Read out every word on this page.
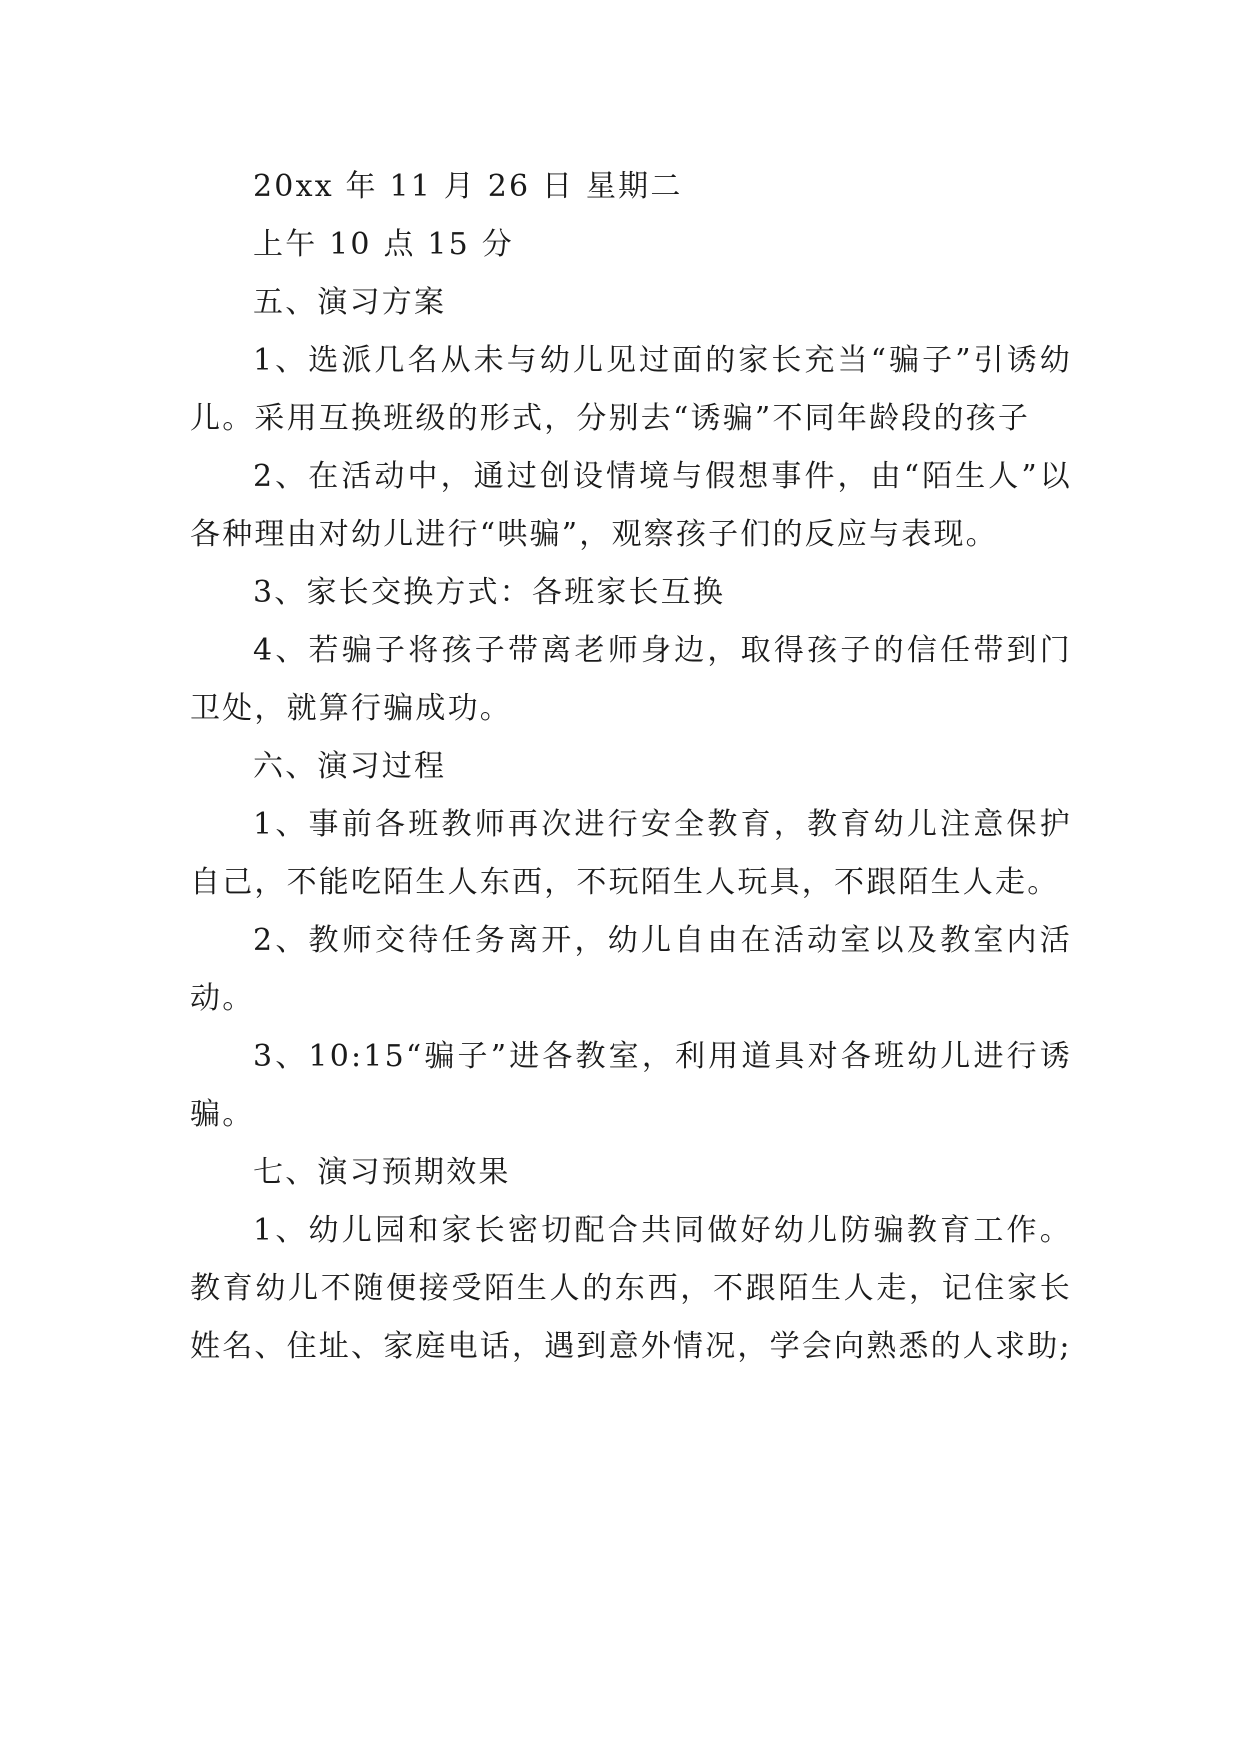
20xx 年 11 月 26 日 星期二

上午 10 点 15 分

五、演习方案

1、选派几名从未与幼儿见过面的家长充当“骗子”引诱幼儿。采用互换班级的形式，分别去“诱骗”不同年龄段的孩子

2、在活动中，通过创设情境与假想事件，由“陌生人”以各种理由对幼儿进行“哄骗”，观察孩子们的反应与表现。

3、家长交换方式：各班家长互换

4、若骗子将孩子带离老师身边，取得孩子的信任带到门卫处，就算行骗成功。

六、演习过程

1、事前各班教师再次进行安全教育，教育幼儿注意保护自己，不能吃陌生人东西，不玩陌生人玩具，不跟陌生人走。

2、教师交待任务离开，幼儿自由在活动室以及教室内活动。

3、10:15“骗子”进各教室，利用道具对各班幼儿进行诱骗。

七、演习预期效果

1、幼儿园和家长密切配合共同做好幼儿防骗教育工作。教育幼儿不随便接受陌生人的东西，不跟陌生人走，记住家长姓名、住址、家庭电话，遇到意外情况，学会向熟悉的人求助;
